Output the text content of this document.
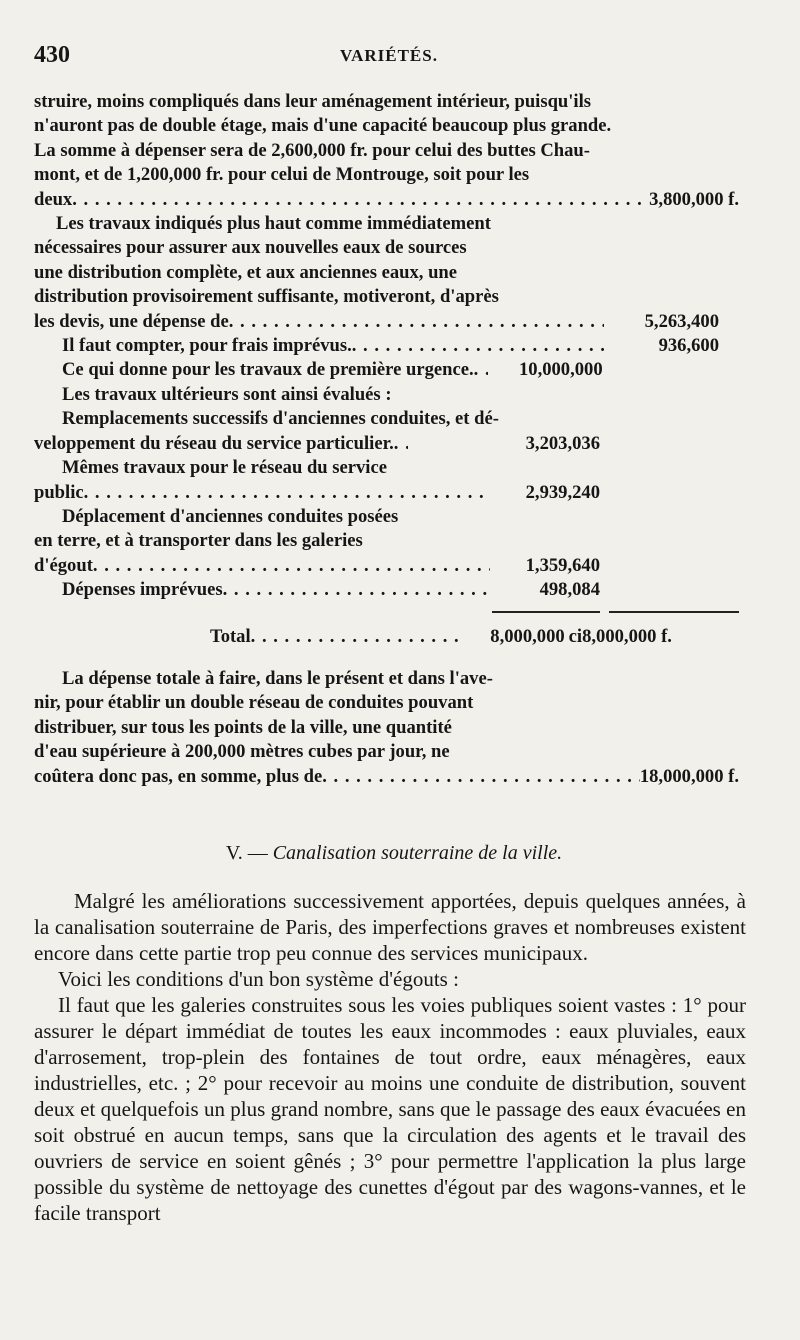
430	VARIÉTÉS.
struire, moins compliqués dans leur aménagement intérieur, puisqu'ils
n'auront pas de double étage, mais d'une capacité beaucoup plus grande.
La somme à dépenser sera de 2,600,000 fr. pour celui des buttes Chau-
mont, et de 1,200,000 fr. pour celui de Montrouge, soit pour les
deux . . .	3,800,000 f.
Les travaux indiqués plus haut comme immédiatement
nécessaires pour assurer aux nouvelles eaux de sources
une distribution complète, et aux anciennes eaux, une
distribution provisoirement suffisante, motiveront, d'après
les devis, une dépense de . . .	5,263,400
Il faut compter, pour frais imprévus. . . .	936,600
Ce qui donne pour les travaux de première urgence. . . .	10,000,000
Les travaux ultérieurs sont ainsi évalués :
Remplacements successifs d'anciennes conduites, et dé-
veloppement du réseau du service particulier. . . .	3,203,036
Mêmes travaux pour le réseau du service
public . . .	2,939,240
Déplacement d'anciennes conduites posées
en terre, et à transporter dans les galeries
d'égout . . .	1,359,640
Dépenses imprévues . . .	498,084
Total . . .	8,000,000 ci 8,000,000 f.
La dépense totale à faire, dans le présent et dans l'ave-
nir, pour établir un double réseau de conduites pouvant
distribuer, sur tous les points de la ville, une quantité
d'eau supérieure à 200,000 mètres cubes par jour, ne
coûtera donc pas, en somme, plus de . . .	18,000,000 f.
V. — Canalisation souterraine de la ville.

Malgré les améliorations successivement apportées, depuis quelques années, à la canalisation souterraine de Paris, des imperfections graves et nombreuses existent encore dans cette partie trop peu connue des services municipaux.

Voici les conditions d'un bon système d'égouts :

Il faut que les galeries construites sous les voies publiques soient vastes : 1° pour assurer le départ immédiat de toutes les eaux incommodes : eaux pluviales, eaux d'arrosement, trop-plein des fontaines de tout ordre, eaux ménagères, eaux industrielles, etc. ; 2° pour recevoir au moins une conduite de distribution, souvent deux et quelquefois un plus grand nombre, sans que le passage des eaux évacuées en soit obstrué en aucun temps, sans que la circulation des agents et le travail des ouvriers de service en soient gênés ; 3° pour permettre l'application la plus large possible du système de nettoyage des cunettes d'égout par des wagons-vannes, et le facile transport
